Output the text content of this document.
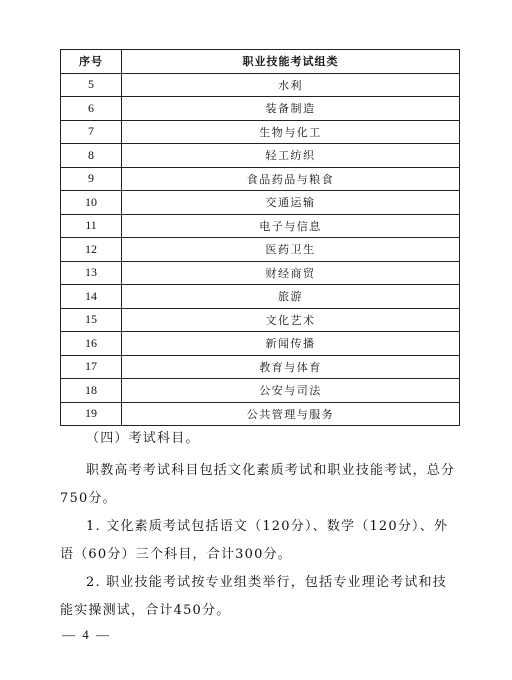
序号	职业技能考试组类
5	水利
6	装备制造
7	生物与化工
8	轻工纺织
9	食品药品与粮食
10	交通运输
11	电子与信息
12	医药卫生
13	财经商贸
14	旅游
15	文化艺术
16	新闻传播
17	教育与体育
18	公安与司法
19	公共管理与服务

（四）考试科目。

职教高考考试科目包括文化素质考试和职业技能考试，总分750分。

1. 文化素质考试包括语文（120分）、数学（120分）、外语（60分）三个科目，合计300分。

2. 职业技能考试按专业组类举行，包括专业理论考试和技能实操测试，合计450分。

— 4 —
